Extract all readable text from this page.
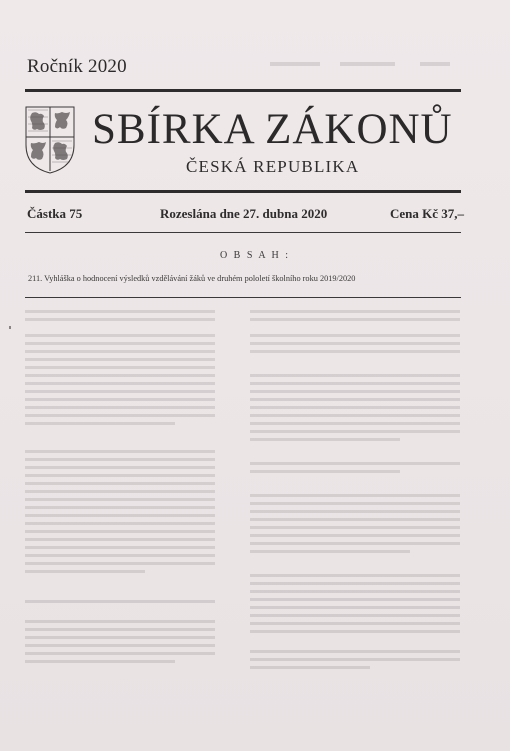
Ročník 2020
SBÍRKA ZÁKONŮ
ČESKÁ REPUBLIKA
Částka 75	Rozeslána dne 27. dubna 2020	Cena Kč 37,–
O B S A H :
211. Vyhláška o hodnocení výsledků vzdělávání žáků ve druhém pololetí školního roku 2019/2020
